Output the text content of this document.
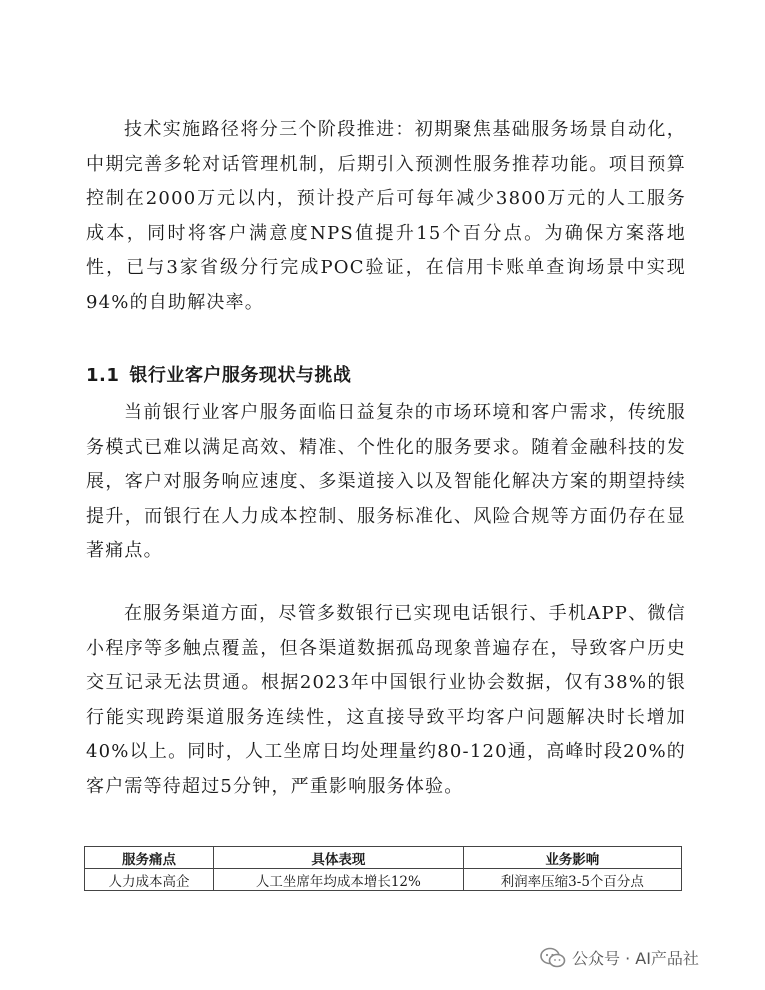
技术实施路径将分三个阶段推进：初期聚焦基础服务场景自动化，中期完善多轮对话管理机制，后期引入预测性服务推荐功能。项目预算控制在2000万元以内，预计投产后可每年减少3800万元的人工服务成本，同时将客户满意度NPS值提升15个百分点。为确保方案落地性，已与3家省级分行完成POC验证，在信用卡账单查询场景中实现94%的自助解决率。

1.1 银行业客户服务现状与挑战

当前银行业客户服务面临日益复杂的市场环境和客户需求，传统服务模式已难以满足高效、精准、个性化的服务要求。随着金融科技的发展，客户对服务响应速度、多渠道接入以及智能化解决方案的期望持续提升，而银行在人力成本控制、服务标准化、风险合规等方面仍存在显著痛点。

在服务渠道方面，尽管多数银行已实现电话银行、手机APP、微信小程序等多触点覆盖，但各渠道数据孤岛现象普遍存在，导致客户历史交互记录无法贯通。根据2023年中国银行业协会数据，仅有38%的银行能实现跨渠道服务连续性，这直接导致平均客户问题解决时长增加40%以上。同时，人工坐席日均处理量约80-120通，高峰时段20%的客户需等待超过5分钟，严重影响服务体验。

服务痛点	具体表现	业务影响
人力成本高企	人工坐席年均成本增长12%	利润率压缩3-5个百分点
公众号 · AI产品社
